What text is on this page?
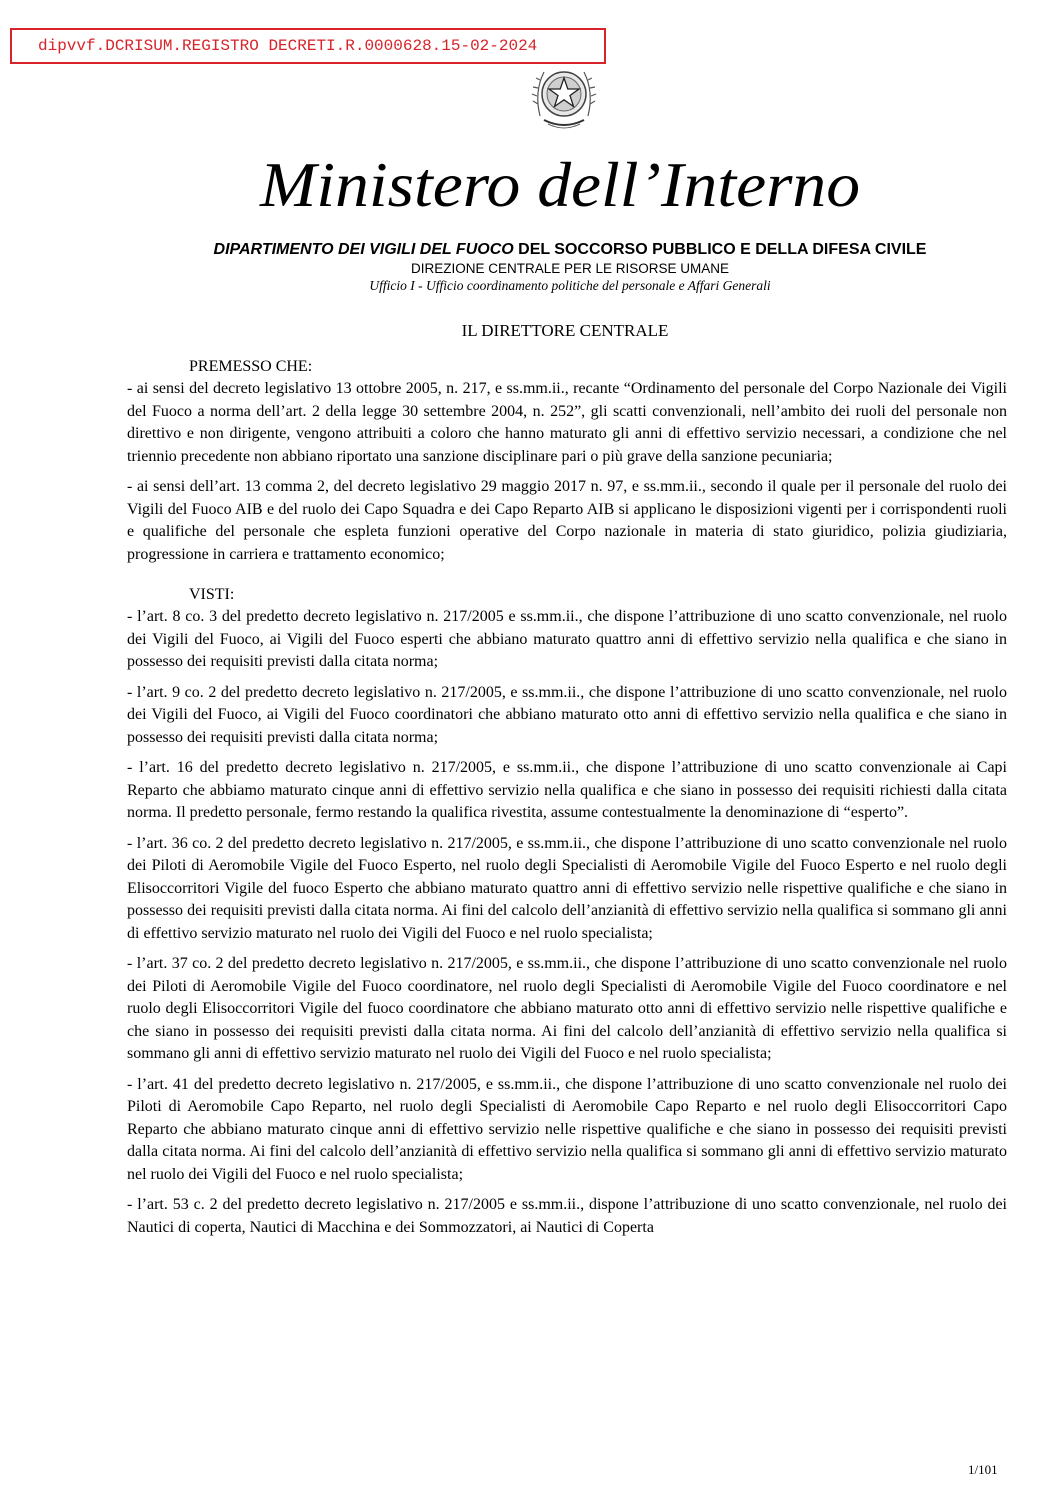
dipvvf.DCRISUM.REGISTRO DECRETI.R.0000628.15-02-2024
Ministero dell’Interno
DIPARTIMENTO DEI VIGILI DEL FUOCO DEL SOCCORSO PUBBLICO E DELLA DIFESA CIVILE
DIREZIONE CENTRALE PER LE RISORSE UMANE
Ufficio I - Ufficio coordinamento politiche del personale e Affari Generali
IL DIRETTORE CENTRALE
PREMESSO CHE:

- ai sensi del decreto legislativo 13 ottobre 2005, n. 217, e ss.mm.ii., recante “Ordinamento del personale del Corpo Nazionale dei Vigili del Fuoco a norma dell’art. 2 della legge 30 settembre 2004, n. 252”, gli scatti convenzionali, nell’ambito dei ruoli del personale non direttivo e non dirigente, vengono attribuiti a coloro che hanno maturato gli anni di effettivo servizio necessari, a condizione che nel triennio precedente non abbiano riportato una sanzione disciplinare pari o più grave della sanzione pecuniaria;

- ai sensi dell’art. 13 comma 2, del decreto legislativo 29 maggio 2017 n. 97, e ss.mm.ii., secondo il quale per il personale del ruolo dei Vigili del Fuoco AIB e del ruolo dei Capo Squadra e dei Capo Reparto AIB si applicano le disposizioni vigenti per i corrispondenti ruoli e qualifiche del personale che espleta funzioni operative del Corpo nazionale in materia di stato giuridico, polizia giudiziaria, progressione in carriera e trattamento economico;

VISTI:

- l’art. 8 co. 3 del predetto decreto legislativo n. 217/2005 e ss.mm.ii., che dispone l’attribuzione di uno scatto convenzionale, nel ruolo dei Vigili del Fuoco, ai Vigili del Fuoco esperti che abbiano maturato quattro anni di effettivo servizio nella qualifica e che siano in possesso dei requisiti previsti dalla citata norma;

- l’art. 9 co. 2 del predetto decreto legislativo n. 217/2005, e ss.mm.ii., che dispone l’attribuzione di uno scatto convenzionale, nel ruolo dei Vigili del Fuoco, ai Vigili del Fuoco coordinatori che abbiano maturato otto anni di effettivo servizio nella qualifica e che siano in possesso dei requisiti previsti dalla citata norma;

- l’art. 16 del predetto decreto legislativo n. 217/2005, e ss.mm.ii., che dispone l’attribuzione di uno scatto convenzionale ai Capi Reparto che abbiamo maturato cinque anni di effettivo servizio nella qualifica e che siano in possesso dei requisiti richiesti dalla citata norma. Il predetto personale, fermo restando la qualifica rivestita, assume contestualmente la denominazione di “esperto”.

- l’art. 36 co. 2 del predetto decreto legislativo n. 217/2005, e ss.mm.ii., che dispone l’attribuzione di uno scatto convenzionale nel ruolo dei Piloti di Aeromobile Vigile del Fuoco Esperto, nel ruolo degli Specialisti di Aeromobile Vigile del Fuoco Esperto e nel ruolo degli Elisoccorritori Vigile del fuoco Esperto che abbiano maturato quattro anni di effettivo servizio nelle rispettive qualifiche e che siano in possesso dei requisiti previsti dalla citata norma. Ai fini del calcolo dell’anzianità di effettivo servizio nella qualifica si sommano gli anni di effettivo servizio maturato nel ruolo dei Vigili del Fuoco e nel ruolo specialista;

- l’art. 37 co. 2 del predetto decreto legislativo n. 217/2005, e ss.mm.ii., che dispone l’attribuzione di uno scatto convenzionale nel ruolo dei Piloti di Aeromobile Vigile del Fuoco coordinatore, nel ruolo degli Specialisti di Aeromobile Vigile del Fuoco coordinatore e nel ruolo degli Elisoccorritori Vigile del fuoco coordinatore che abbiano maturato otto anni di effettivo servizio nelle rispettive qualifiche e che siano in possesso dei requisiti previsti dalla citata norma. Ai fini del calcolo dell’anzianità di effettivo servizio nella qualifica si sommano gli anni di effettivo servizio maturato nel ruolo dei Vigili del Fuoco e nel ruolo specialista;

- l’art. 41 del predetto decreto legislativo n. 217/2005, e ss.mm.ii., che dispone l’attribuzione di uno scatto convenzionale nel ruolo dei Piloti di Aeromobile Capo Reparto, nel ruolo degli Specialisti di Aeromobile Capo Reparto e nel ruolo degli Elisoccorritori Capo Reparto che abbiano maturato cinque anni di effettivo servizio nelle rispettive qualifiche e che siano in possesso dei requisiti previsti dalla citata norma. Ai fini del calcolo dell’anzianità di effettivo servizio nella qualifica si sommano gli anni di effettivo servizio maturato nel ruolo dei Vigili del Fuoco e nel ruolo specialista;

- l’art. 53 c. 2 del predetto decreto legislativo n. 217/2005 e ss.mm.ii., dispone l’attribuzione di uno scatto convenzionale, nel ruolo dei Nautici di coperta, Nautici di Macchina e dei Sommozzatori, ai Nautici di Coperta

1/101
